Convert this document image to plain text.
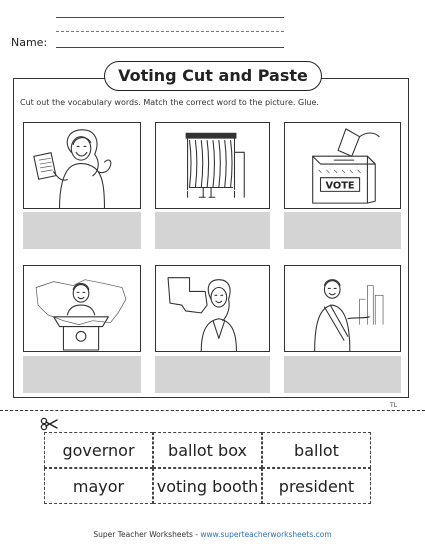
Name:
Voting Cut and Paste
Cut out the vocabulary words. Match the correct word to the picture. Glue.
VOTE
TL
governor	ballot box	ballot
mayor	voting booth	president
Super Teacher Worksheets - www.superteacherworksheets.com
